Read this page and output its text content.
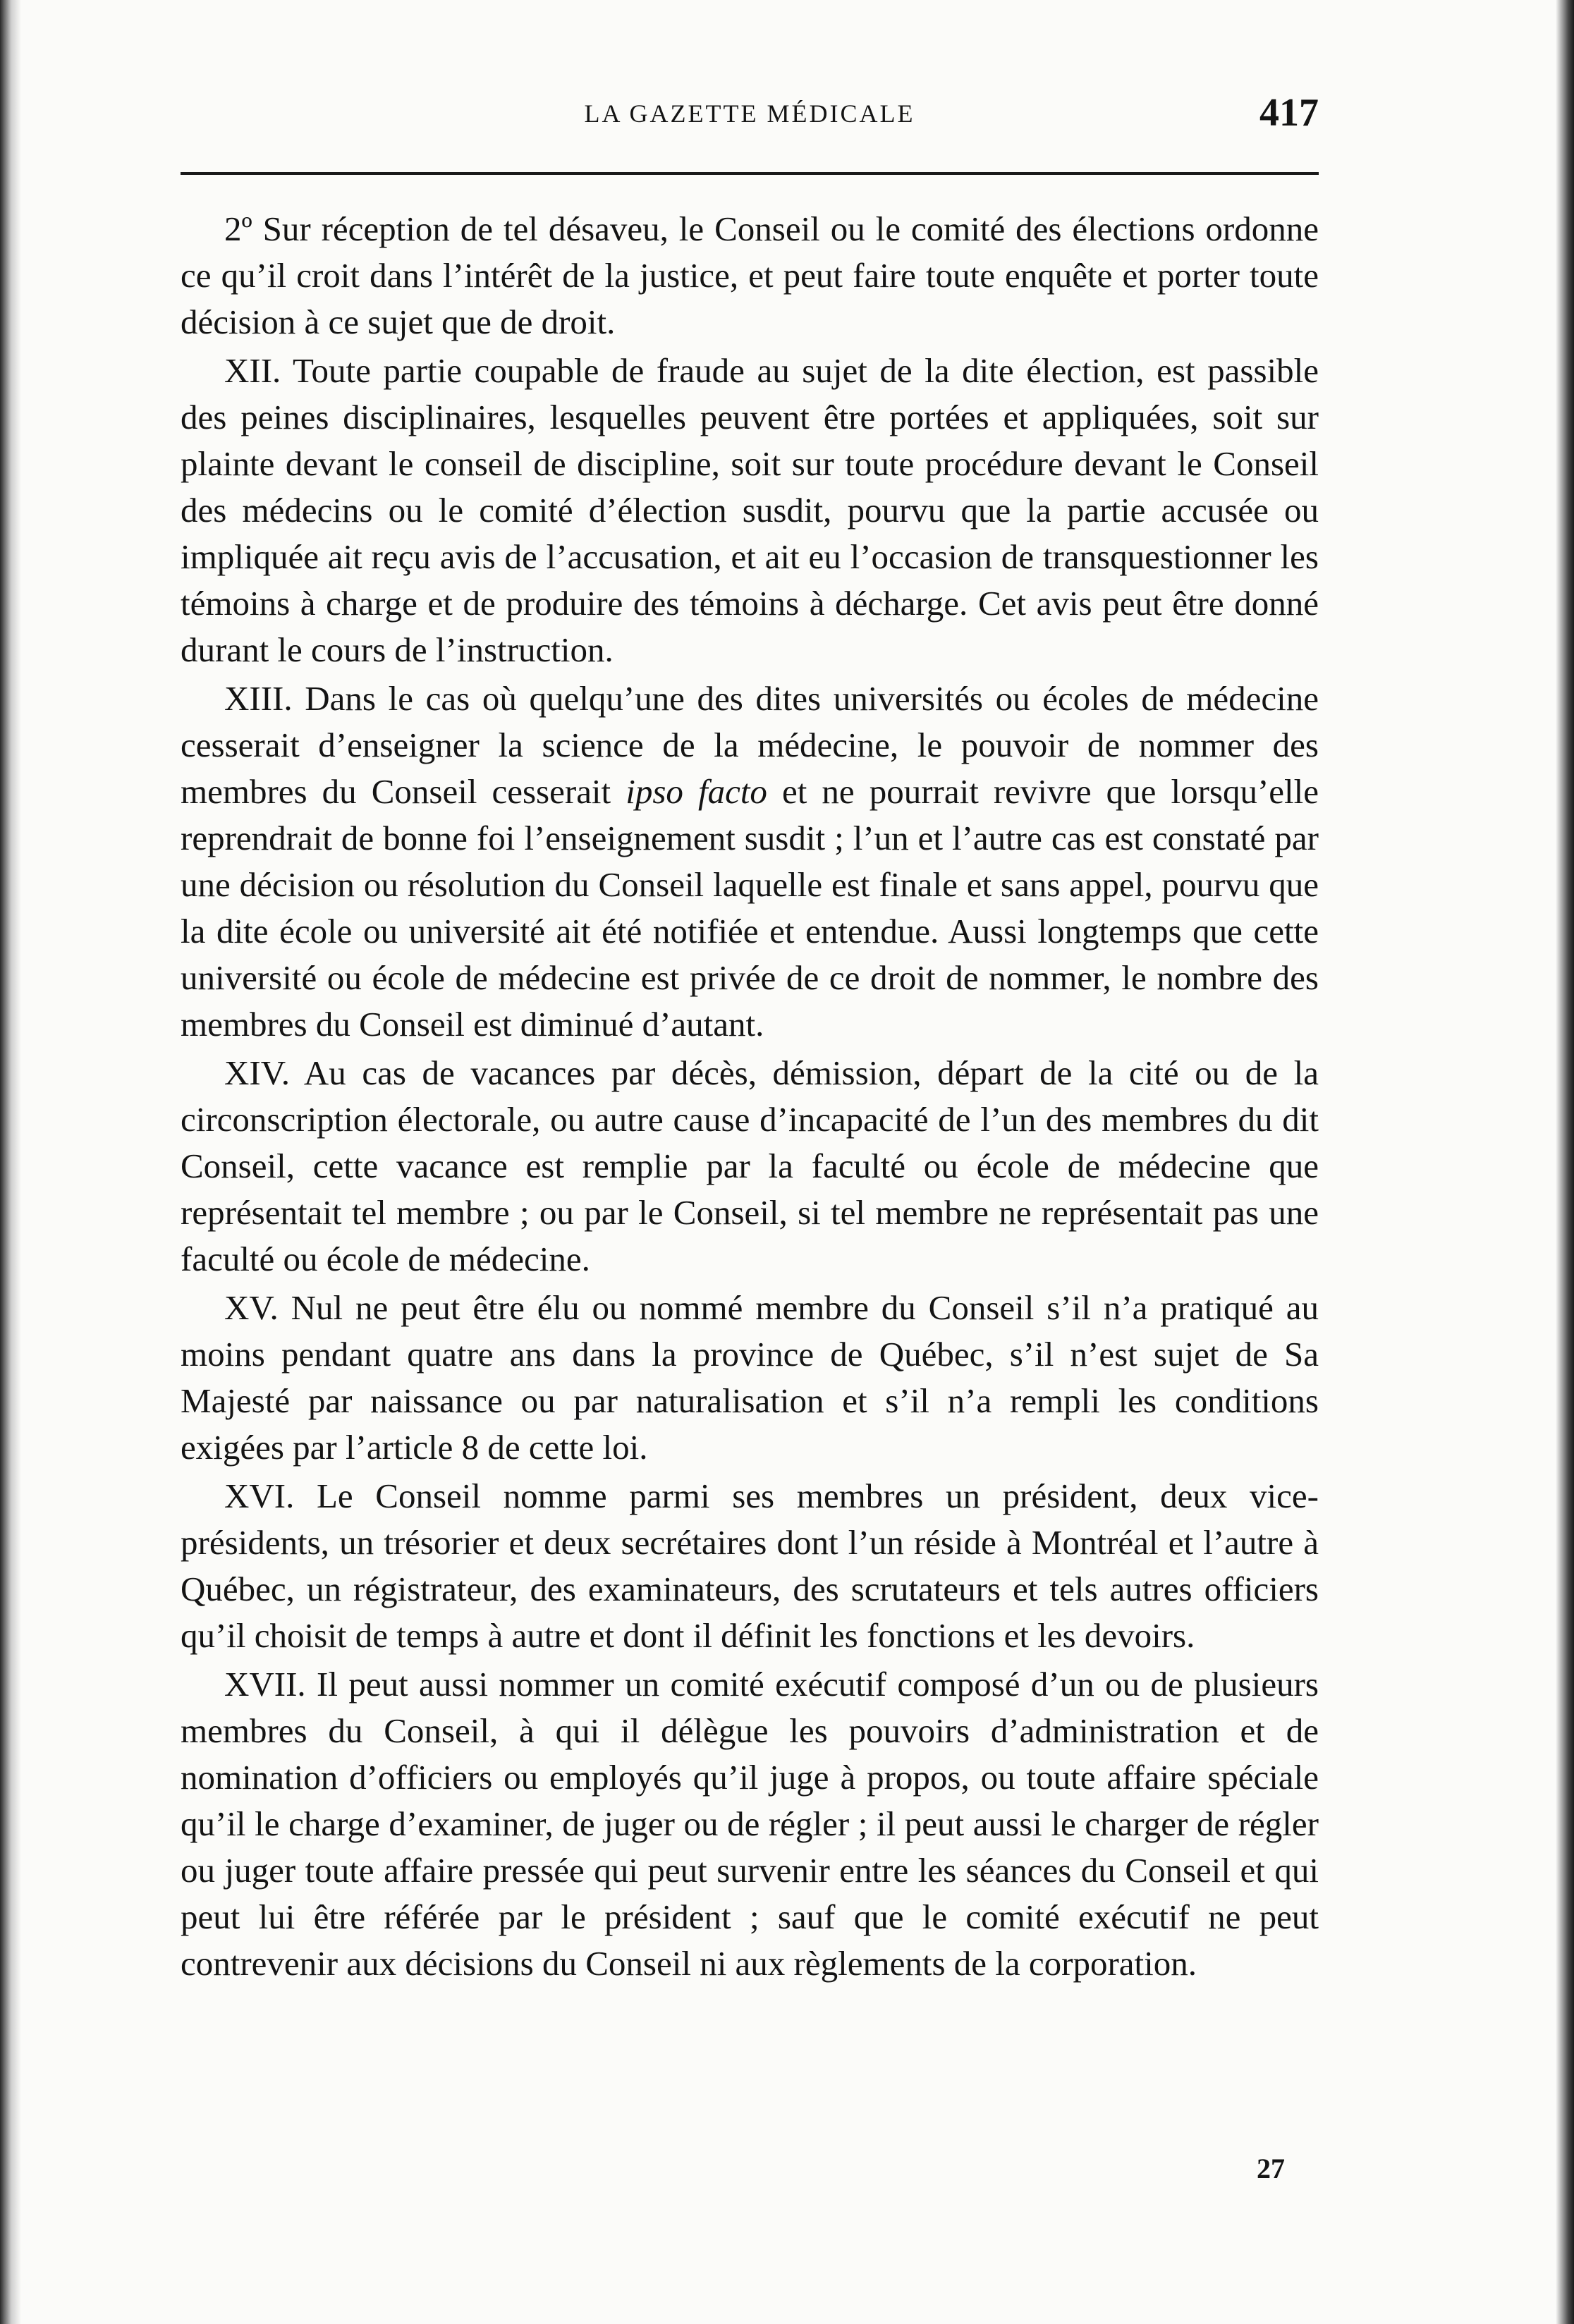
LA GAZETTE MÉDICALE	417

2º Sur réception de tel désaveu, le Conseil ou le comité des élections ordonne ce qu’il croit dans l’intérêt de la justice, et peut faire toute enquête et porter toute décision à ce sujet que de droit.

XII. Toute partie coupable de fraude au sujet de la dite élection, est passible des peines disciplinaires, lesquelles peuvent être portées et appliquées, soit sur plainte devant le conseil de discipline, soit sur toute procédure devant le Conseil des médecins ou le comité d’élection susdit, pourvu que la partie accusée ou impliquée ait reçu avis de l’accusation, et ait eu l’occasion de transquestionner les témoins à charge et de produire des témoins à décharge. Cet avis peut être donné durant le cours de l’instruction.

XIII. Dans le cas où quelqu’une des dites universités ou écoles de médecine cesserait d’enseigner la science de la médecine, le pouvoir de nommer des membres du Conseil cesserait ipso facto et ne pourrait revivre que lorsqu’elle reprendrait de bonne foi l’enseignement susdit ; l’un et l’autre cas est constaté par une décision ou résolution du Conseil laquelle est finale et sans appel, pourvu que la dite école ou université ait été notifiée et entendue. Aussi longtemps que cette université ou école de médecine est privée de ce droit de nommer, le nombre des membres du Conseil est diminué d’autant.

XIV. Au cas de vacances par décès, démission, départ de la cité ou de la circonscription électorale, ou autre cause d’incapacité de l’un des membres du dit Conseil, cette vacance est remplie par la faculté ou école de médecine que représentait tel membre ; ou par le Conseil, si tel membre ne représentait pas une faculté ou école de médecine.

XV. Nul ne peut être élu ou nommé membre du Conseil s’il n’a pratiqué au moins pendant quatre ans dans la province de Québec, s’il n’est sujet de Sa Majesté par naissance ou par naturalisation et s’il n’a rempli les conditions exigées par l’article 8 de cette loi.

XVI. Le Conseil nomme parmi ses membres un président, deux vice-présidents, un trésorier et deux secrétaires dont l’un réside à Montréal et l’autre à Québec, un régistrateur, des examinateurs, des scrutateurs et tels autres officiers qu’il choisit de temps à autre et dont il définit les fonctions et les devoirs.

XVII. Il peut aussi nommer un comité exécutif composé d’un ou de plusieurs membres du Conseil, à qui il délègue les pouvoirs d’administration et de nomination d’officiers ou employés qu’il juge à propos, ou toute affaire spéciale qu’il le charge d’examiner, de juger ou de régler ; il peut aussi le charger de régler ou juger toute affaire pressée qui peut survenir entre les séances du Conseil et qui peut lui être référée par le président ; sauf que le comité exécutif ne peut contrevenir aux décisions du Conseil ni aux règlements de la corporation.

27
